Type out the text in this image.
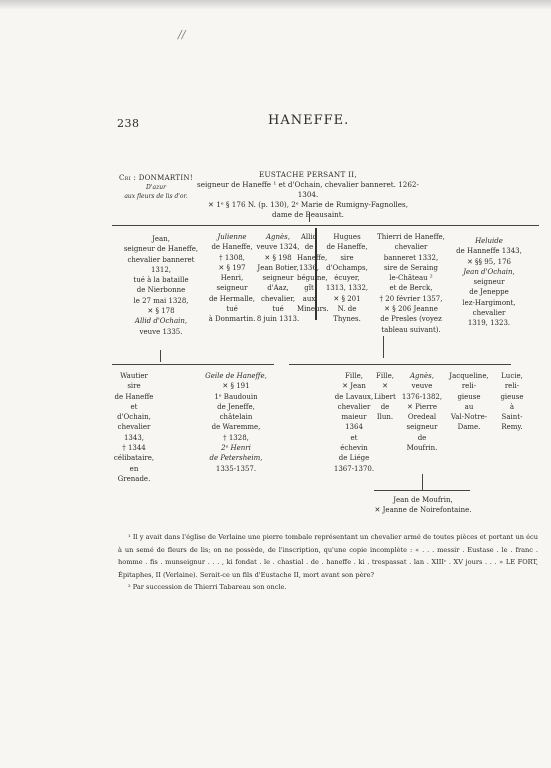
//
238	HANEFFE.
Cri : DONMARTIN!
D'azur
aux fleurs de lis d'or.
EUSTACHE PERSANT II,
seigneur de Haneffe ¹ et d'Ochain, chevalier banneret. 1262-1304.
✕ 1ᵉ § 176 N. (p. 130), 2ᵉ Marie de Rumigny-Fagnolles,
dame de Beausaint.
Jean,
seigneur de Haneffe,
chevalier banneret
1312,
tué à la bataille
de Nierbonne
le 27 mai 1328,
✕ § 178
Allid d'Ochain,
veuve 1335.
Julienne
de Haneffe,
† 1308,
✕ § 197
Henri,
seigneur
de Hermalle,
tué
à Donmartin.
Agnès,
veuve 1324,
✕ § 198
Jean Botier,
seigneur
d'Aaz,
chevalier,
tué
8 juin 1313.
Allid
de
Haneffe,
1336,
béguine,
gît
aux
Mineurs.
Hugues
de Haneffe,
sire
d'Ochamps,
écuyer,
1313, 1332,
✕ § 201
N. de
Thynes.
Thierri de Haneffe,
chevalier
banneret 1332,
sire de Seraing
le-Château ²
et de Berck,
† 20 février 1357,
✕ § 206 Jeanne
de Presles (voyez
tableau suivant).
Heluide
de Hanneffe 1343,
✕ §§ 95, 176
Jean d'Ochain,
seigneur
de Jeneppe
lez-Hargimont,
chevalier
1319, 1323.
Wautier
sire
de Haneffe
et
d'Ochain,
chevalier
1343,
† 1344
célibataire,
en
Grenade.
Geile de Haneffe,
✕ § 191
1ᵉ Baudouin
de Jeneffe,
châtelain
de Waremme,
† 1328,
2ᵉ Henri
de Petersheim,
1335-1357.
Fille,
✕ Jean
de Lavaux,
chevalier
maieur
1364
et
échevin
de Liége
1367-1370.
Fille,
✕
Libert
de
Ilun.
Agnès,
veuve
1376-1382,
✕ Pierre
Oredeal
seigneur
de
Moufrin.
Jacqueline,
reli-
gieuse
au
Val-Notre-
Dame.
Lucie,
reli-
gieuse
à
Saint-
Remy.
Jean de Moufrin,
✕ Jeanne de Noirefontaine.

¹ Il y avait dans l'église de Verlaine une pierre tombale représentant un chevalier armé de toutes pièces et portant un écu à un semé de fleurs de lis; on ne possède, de l'inscription, qu'une copie incomplète : « . . . messir . Eustase . le . franc . homme . fis . munseignur . . . , ki fondat . le . chastial . de . haneffe . ki . trespassat . lan . XIIIᶜ . XV jours . . . » LE FORT, Épitaphes, II (Verlaine). Serait-ce un fils d'Eustache II, mort avant son père?

² Par succession de Thierri Tabareau son oncle.
